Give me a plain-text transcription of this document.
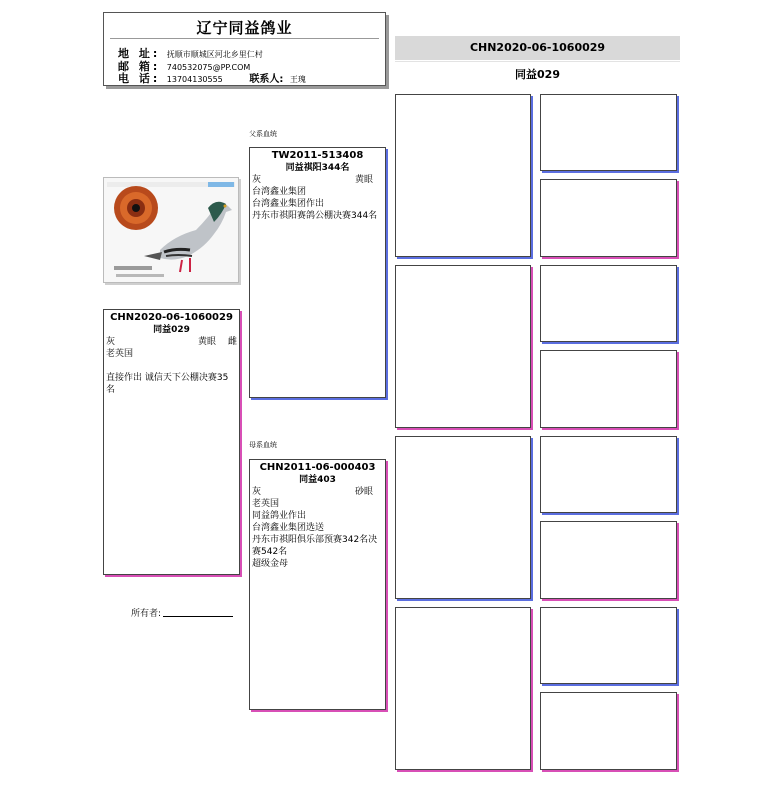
辽宁同益鸽业
地 址: 抚顺市顺城区河北乡里仁村
邮 箱: 740532075@PP.COM
电 话: 13704130555	联系人: 王瑰
CHN2020-06-1060029
同益029
CHN2020-06-1060029
同益029
灰	黄眼 雌
老英国
直接作出 诚信天下公棚决赛35名
所有者:
父系血统
母系血统
TW2011-513408
同益祺阳344名
灰	黄眼
台湾鑫业集团
台湾鑫业集团作出
丹东市祺阳赛鸽公棚决赛344名
CHN2011-06-000403
同益403
灰	砂眼
老英国
同益鸽业作出
台湾鑫业集团选送
丹东市祺阳俱乐部预赛342名决赛542名
超级金母
